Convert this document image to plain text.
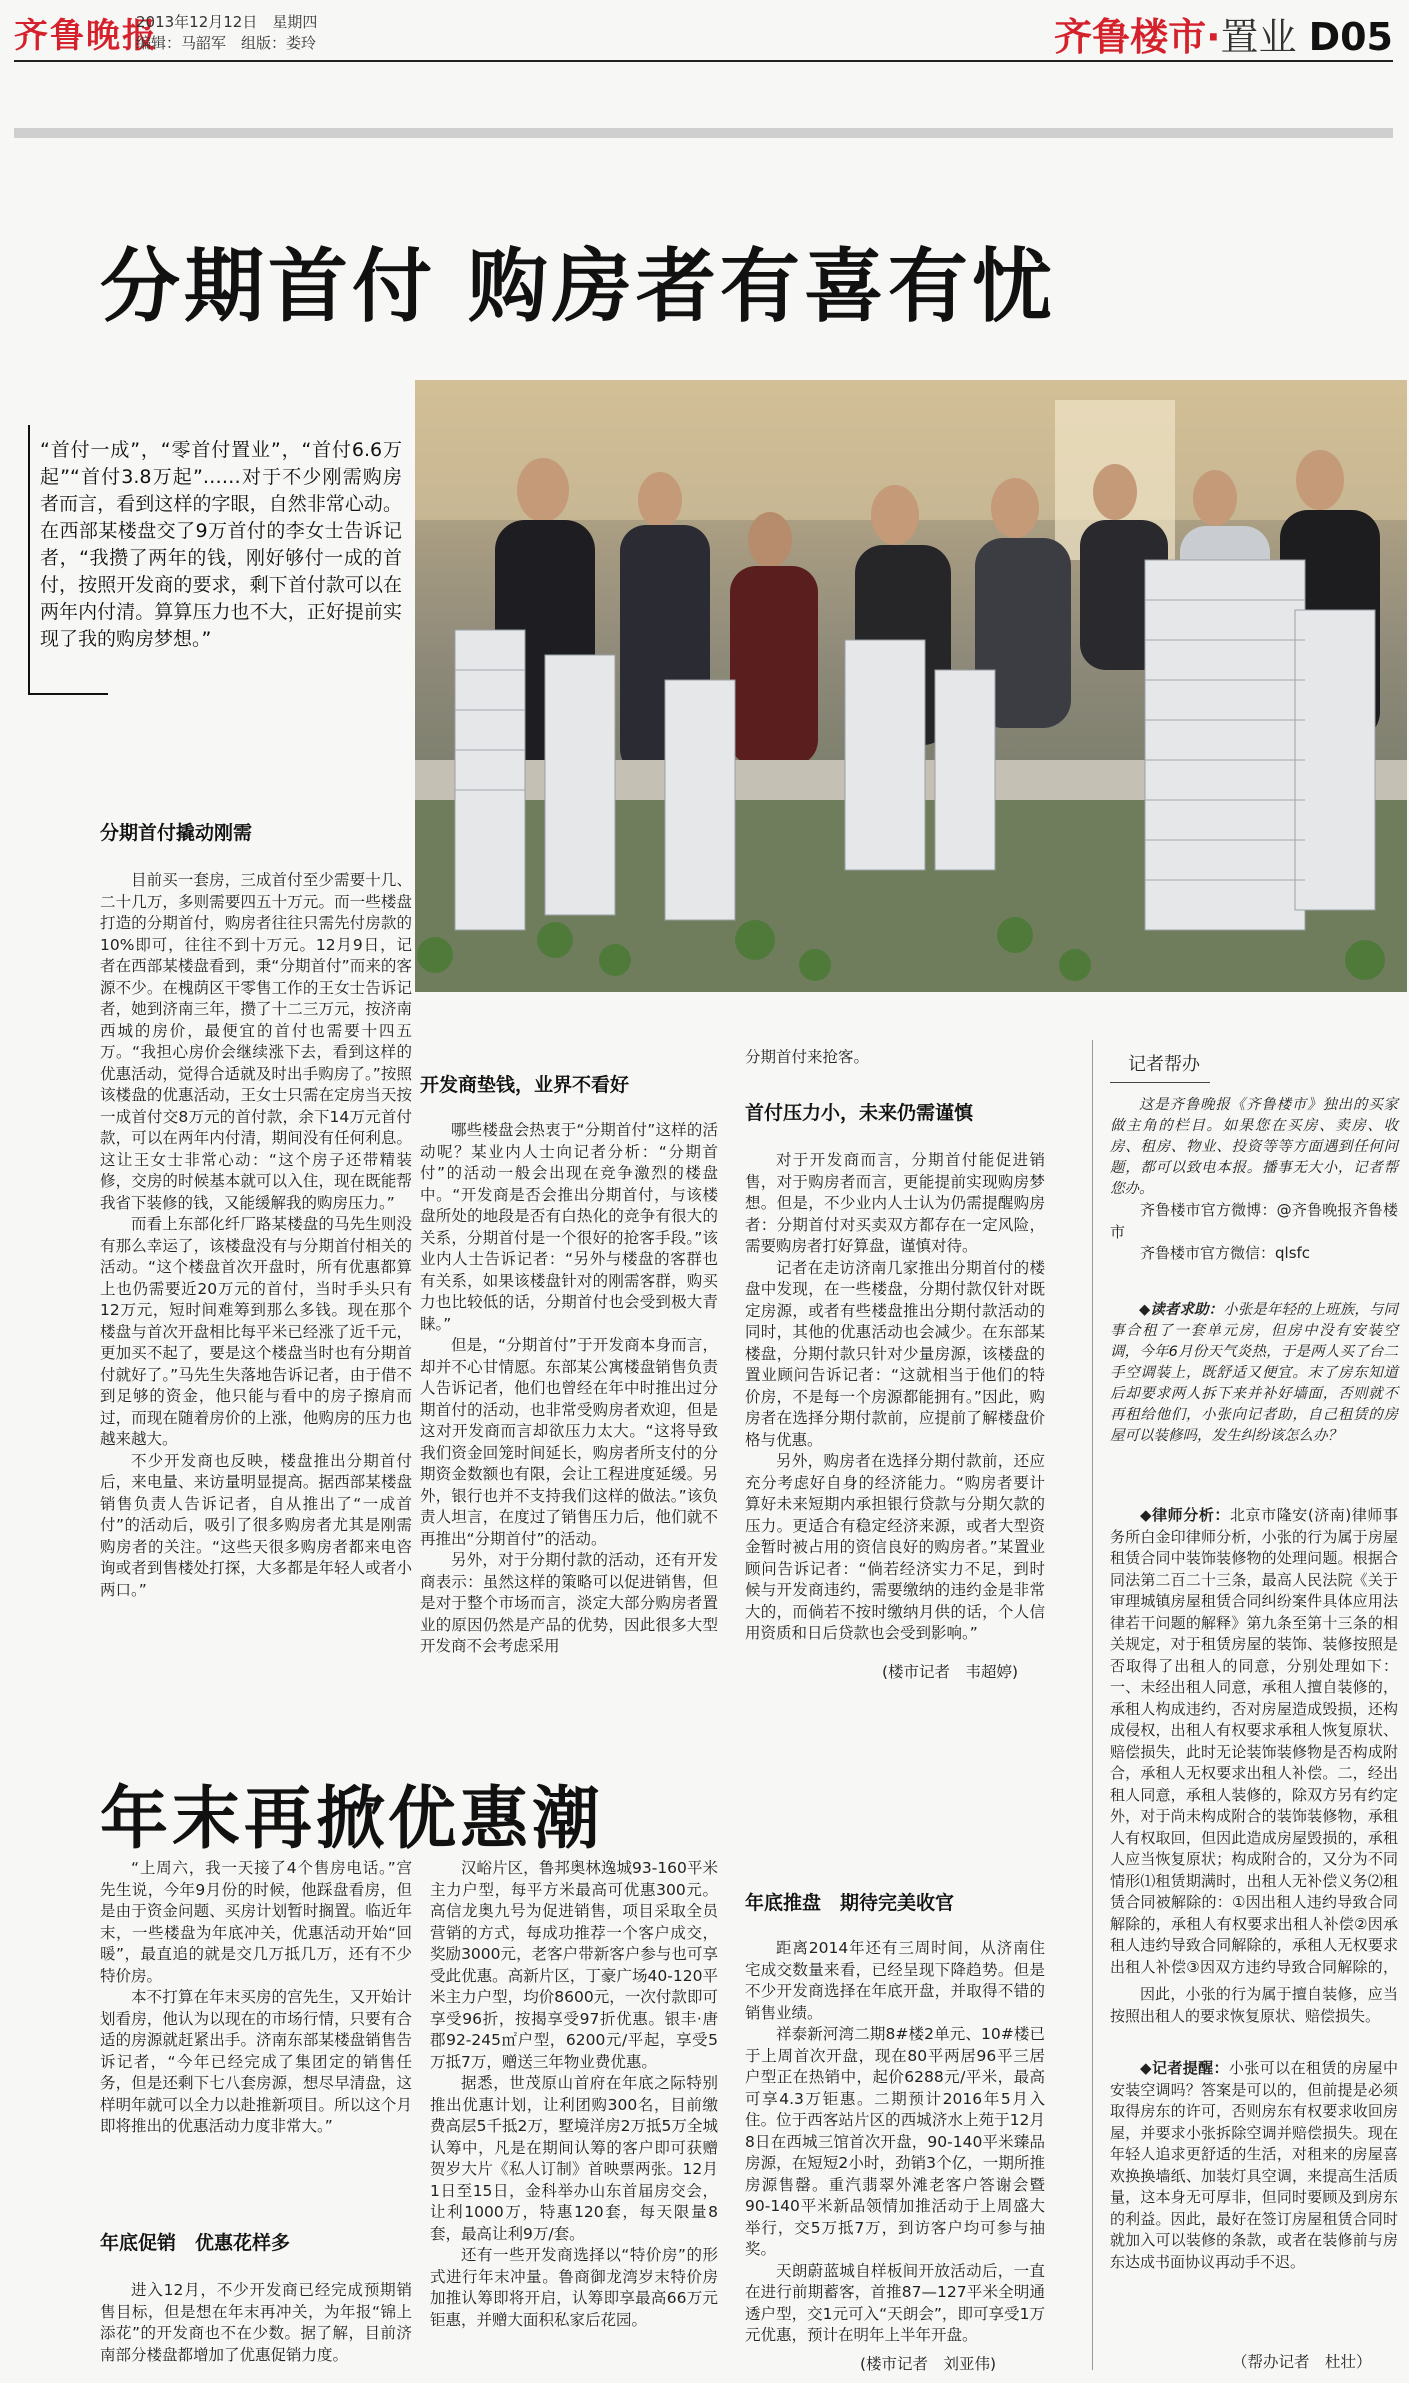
齐鲁晚报
2013年12月12日　星期四
编辑：马韶军　组版：娄玲	齐鲁楼市·置业 D05
分期首付 购房者有喜有忧
“首付一成”，“零首付置业”，“首付6.6万起”“首付3.8万起”……对于不少刚需购房者而言，看到这样的字眼，自然非常心动。在西部某楼盘交了9万首付的李女士告诉记者，“我攒了两年的钱，刚好够付一成的首付，按照开发商的要求，剩下首付款可以在两年内付清。算算压力也不大，正好提前实现了我的购房梦想。”
分期首付撬动刚需

目前买一套房，三成首付至少需要十几、二十几万，多则需要四五十万元。而一些楼盘打造的分期首付，购房者往往只需先付房款的10%即可，往往不到十万元。12月9日，记者在西部某楼盘看到，秉“分期首付”而来的客源不少。在槐荫区干零售工作的王女士告诉记者，她到济南三年，攒了十二三万元，按济南西城的房价，最便宜的首付也需要十四五万。“我担心房价会继续涨下去，看到这样的优惠活动，觉得合适就及时出手购房了。”按照该楼盘的优惠活动，王女士只需在定房当天按一成首付交8万元的首付款，余下14万元首付款，可以在两年内付清，期间没有任何利息。这让王女士非常心动：“这个房子还带精装修，交房的时候基本就可以入住，现在既能帮我省下装修的钱，又能缓解我的购房压力。”

而看上东部化纤厂路某楼盘的马先生则没有那么幸运了，该楼盘没有与分期首付相关的活动。“这个楼盘首次开盘时，所有优惠都算上也仍需要近20万元的首付，当时手头只有12万元，短时间难筹到那么多钱。现在那个楼盘与首次开盘相比每平米已经涨了近千元，更加买不起了，要是这个楼盘当时也有分期首付就好了。”马先生失落地告诉记者，由于借不到足够的资金，他只能与看中的房子擦肩而过，而现在随着房价的上涨，他购房的压力也越来越大。

不少开发商也反映，楼盘推出分期首付后，来电量、来访量明显提高。据西部某楼盘销售负责人告诉记者，自从推出了“一成首付”的活动后，吸引了很多购房者尤其是刚需购房者的关注。“这些天很多购房者都来电咨询或者到售楼处打探，大多都是年轻人或者小两口。”

开发商垫钱，业界不看好

哪些楼盘会热衷于“分期首付”这样的活动呢？某业内人士向记者分析：“分期首付”的活动一般会出现在竞争激烈的楼盘中。“开发商是否会推出分期首付，与该楼盘所处的地段是否有白热化的竞争有很大的关系，分期首付是一个很好的抢客手段。”该业内人士告诉记者：“另外与楼盘的客群也有关系，如果该楼盘针对的刚需客群，购买力也比较低的话，分期首付也会受到极大青睐。”

但是，“分期首付”于开发商本身而言，却并不心甘情愿。东部某公寓楼盘销售负责人告诉记者，他们也曾经在年中时推出过分期首付的活动，也非常受购房者欢迎，但是这对开发商而言却欲压力太大。“这将导致我们资金回笼时间延长，购房者所支付的分期资金数额也有限，会让工程进度延缓。另外，银行也并不支持我们这样的做法。”该负责人坦言，在度过了销售压力后，他们就不再推出“分期首付”的活动。

另外，对于分期付款的活动，还有开发商表示：虽然这样的策略可以促进销售，但是对于整个市场而言，淡定大部分购房者置业的原因仍然是产品的优势，因此很多大型开发商不会考虑采用

分期首付来抢客。
首付压力小，未来仍需谨慎

对于开发商而言，分期首付能促进销售，对于购房者而言，更能提前实现购房梦想。但是，不少业内人士认为仍需提醒购房者：分期首付对买卖双方都存在一定风险，需要购房者打好算盘，谨慎对待。

记者在走访济南几家推出分期首付的楼盘中发现，在一些楼盘，分期付款仅针对既定房源，或者有些楼盘推出分期付款活动的同时，其他的优惠活动也会减少。在东部某楼盘，分期付款只针对少量房源，该楼盘的置业顾问告诉记者：“这就相当于他们的特价房，不是每一个房源都能拥有。”因此，购房者在选择分期付款前，应提前了解楼盘价格与优惠。

另外，购房者在选择分期付款前，还应充分考虑好自身的经济能力。“购房者要计算好未来短期内承担银行贷款与分期欠款的压力。更适合有稳定经济来源，或者大型资金暂时被占用的资信良好的购房者。”某置业顾问告诉记者：“倘若经济实力不足，到时候与开发商违约，需要缴纳的违约金是非常大的，而倘若不按时缴纳月供的话，个人信用资质和日后贷款也会受到影响。”

(楼市记者　韦超婷)
记者帮办

这是齐鲁晚报《齐鲁楼市》独出的买家做主角的栏目。如果您在买房、卖房、收房、租房、物业、投资等等方面遇到任何问题，都可以致电本报。播事无大小，记者帮您办。

齐鲁楼市官方微博：@齐鲁晚报齐鲁楼市

齐鲁楼市官方微信：qlsfc

◆读者求助：小张是年轻的上班族，与同事合租了一套单元房，但房中没有安装空调，今年6月份天气炎热，于是两人买了台二手空调装上，既舒适又便宜。末了房东知道后却要求两人拆下来并补好墙面，否则就不再租给他们，小张向记者助，自己租赁的房屋可以装修吗，发生纠纷该怎么办？

◆律师分析：北京市隆安(济南)律师事务所白金印律师分析，小张的行为属于房屋租赁合同中装饰装修物的处理问题。根据合同法第二百二十三条，最高人民法院《关于审理城镇房屋租赁合同纠纷案件具体应用法律若干问题的解释》第九条至第十三条的相关规定，对于租赁房屋的装饰、装修按照是否取得了出租人的同意，分别处理如下：一、未经出租人同意，承租人擅自装修的，承租人构成违约，否对房屋造成毁损，还构成侵权，出租人有权要求承租人恢复原状、赔偿损失，此时无论装饰装修物是否构成附合，承租人无权要求出租人补偿。二，经出租人同意，承租人装修的，除双方另有约定外，对于尚未构成附合的装饰装修物，承租人有权取回，但因此造成房屋毁损的，承租人应当恢复原状；构成附合的，又分为不同情形⑴租赁期满时，出租人无补偿义务⑵租赁合同被解除的：①因出租人违约导致合同解除的，承租人有权要求出租人补偿②因承租人违约导致合同解除的，承租人无权要求出租人补偿③因双方违约导致合同解除的，

因此，小张的行为属于擅自装修，应当按照出租人的要求恢复原状、赔偿损失。

◆记者提醒：小张可以在租赁的房屋中安装空调吗？答案是可以的，但前提是必须取得房东的许可，否则房东有权要求收回房屋，并要求小张拆除空调并赔偿损失。现在年轻人追求更舒适的生活，对租来的房屋喜欢换换墙纸、加装灯具空调，来提高生活质量，这本身无可厚非，但同时要顾及到房东的利益。因此，最好在签订房屋租赁合同时就加入可以装修的条款，或者在装修前与房东达成书面协议再动手不迟。

（帮办记者　杜壮）
年末再掀优惠潮

“上周六，我一天接了4个售房电话。”宫先生说，今年9月份的时候，他踩盘看房，但是由于资金问题、买房计划暂时搁置。临近年末，一些楼盘为年底冲关，优惠活动开始“回暖”，最直追的就是交几万抵几万，还有不少特价房。

本不打算在年末买房的宫先生，又开始计划看房，他认为以现在的市场行情，只要有合适的房源就赶紧出手。济南东部某楼盘销售告诉记者，“今年已经完成了集团定的销售任务，但是还剩下七八套房源，想尽早清盘，这样明年就可以全力以赴推新项目。所以这个月即将推出的优惠活动力度非常大。”

年底促销　优惠花样多

进入12月，不少开发商已经完成预期销售目标，但是想在年末再冲关，为年报“锦上添花”的开发商也不在少数。据了解，目前济南部分楼盘都增加了优惠促销力度。

汉峪片区，鲁邦奥林逸城93-160平米主力户型，每平方米最高可优惠300元。高信龙奥九号为促进销售，项目采取全员营销的方式，每成功推荐一个客户成交，奖励3000元，老客户带新客户参与也可享受此优惠。高新片区，丁豪广场40-120平米主力户型，均价8600元，一次付款即可享受96折，按揭享受97折优惠。银丰·唐郡92-245㎡户型，6200元/平起，享受5万抵7万，赠送三年物业费优惠。

据悉，世茂原山首府在年底之际特别推出优惠计划，让利团购300名，目前缴费高层5千抵2万，墅境洋房2万抵5万全城认筹中，凡是在期间认筹的客户即可获赠贺岁大片《私人订制》首映票两张。12月1日至15日，金科举办山东首届房交会，让利1000万，特惠120套，每天限量8套，最高让利9万/套。

还有一些开发商选择以“特价房”的形式进行年末冲量。鲁商御龙湾岁末特价房加推认筹即将开启，认筹即享最高66万元钜惠，并赠大面积私家后花园。

年底推盘　期待完美收官

距离2014年还有三周时间，从济南住宅成交数量来看，已经呈现下降趋势。但是不少开发商选择在年底开盘，并取得不错的销售业绩。

祥泰新河湾二期8#楼2单元、10#楼已于上周首次开盘，现在80平两居96平三居户型正在热销中，起价6288元/平米，最高可享4.3万钜惠。二期预计2016年5月入住。位于西客站片区的西城济水上苑于12月8日在西城三馆首次开盘，90-140平米臻品房源，在短短2小时，劲销3个亿，一期所推房源售罄。重汽翡翠外滩老客户答谢会暨90-140平米新品领情加推活动于上周盛大举行，交5万抵7万，到访客户均可参与抽奖。

天朗蔚蓝城自样板间开放活动后，一直在进行前期蓄客，首推87—127平米全明通透户型，交1元可入“天朗会”，即可享受1万元优惠，预计在明年上半年开盘。

(楼市记者　刘亚伟)
